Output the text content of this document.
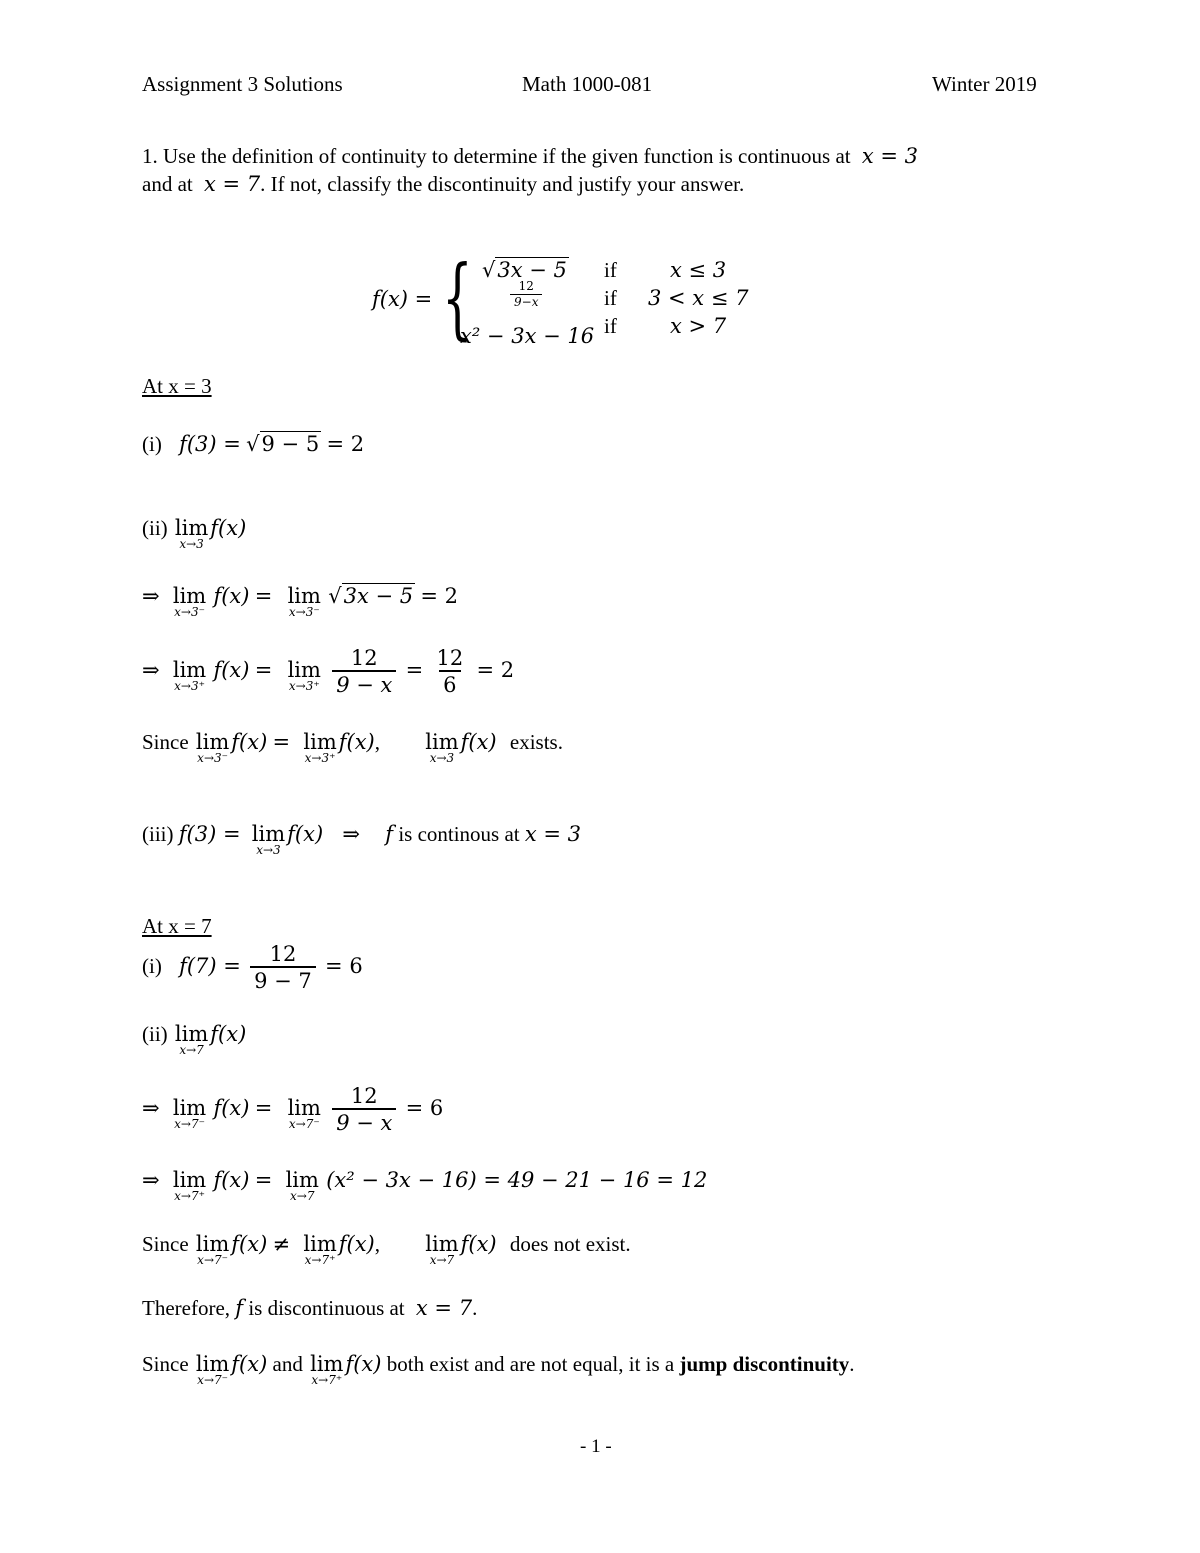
Assignment 3 Solutions	Math 1000-081	Winter 2019
1. Use the definition of continuity to determine if the given function is continuous at x = 3
and at x = 7. If not, classify the discontinuity and justify your answer.
f(x) = { √3x − 5
$\frac{12}{9-x}$
x² − 3x − 16
if
if
if
x ≤ 3
3 < x ≤ 7
x > 7
At x = 3
(i) f(3) = √9 − 5 = 2
(ii) lim
x→3
f(x)
⇒ lim
x→3⁻
f(x) = lim
x→3⁻
√3x − 5 = 2
⇒ lim
x→3⁺
f(x) = lim
x→3⁺
$\frac{12}{9 - x} = \frac{12}{6} = 2$
Since lim
x→3⁻
f(x) = lim
x→3⁺
f(x), lim
x→3
f(x) exists.
(iii) f(3) = lim
x→3
f(x) ⇒ f is continous at x = 3
At x = 7
(i) $f(7) = \frac{12}{9 - 7} = 6$
(ii) lim
x→7
f(x)
⇒ lim
x→7⁻
f(x) = lim
x→7⁻
$\frac{12}{9 - x} = 6$
⇒ lim
x→7⁺
f(x) = lim
x→7
(x² − 3x − 16) = 49 − 21 − 16 = 12
Since lim
x→7⁻
f(x) ≠ lim
x→7⁺
f(x), lim
x→7
f(x) does not exist.
Therefore, f is discontinuous at x = 7.
Since lim
x→7⁻
f(x) and lim
x→7⁺
f(x) both exist and are not equal, it is a jump discontinuity.
- 1 -
